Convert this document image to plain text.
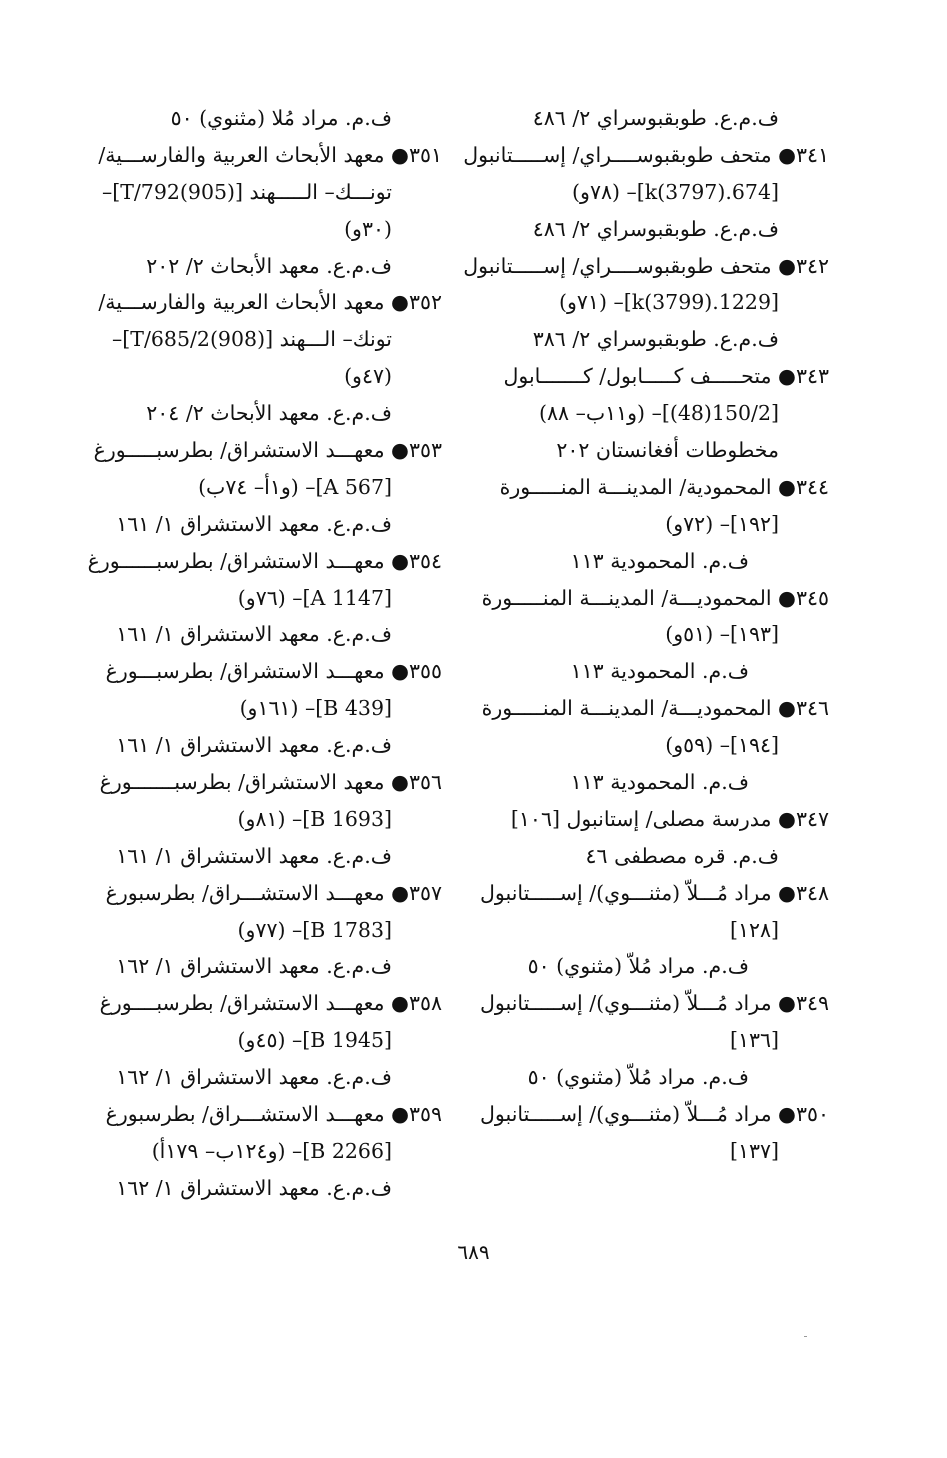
ف.م.ع. طوبقبوسراي ٢/ ٤٨٦
٣٤١● متحف طوبقبوســــراي/ إســـــتانبول
[674.k(3797)]– (٧٨و)
ف.م.ع. طوبقبوسراي ٢/ ٤٨٦
٣٤٢● متحف طوبقبوســــراي/ إســـــتانبول
[1229.k(3799)]– (٧١و)
ف.م.ع. طوبقبوسراي ٢/ ٣٨٦
٣٤٣● متحـــــف كـــــابول/ كـــــــابول
[150/2(48)]– (و١١ب– ٨٨)
مخطوطات أفغانستان ٢٠٢
٣٤٤● المحمودية/ المدينـــة المنـــــورة
[١٩٢]– (٧٢و)
ف.م. المحمودية ١١٣
٣٤٥● المحموديـــة/ المدينـــة المنـــــورة
[١٩٣]– (٥١و)
ف.م. المحمودية ١١٣
٣٤٦● المحموديـــة/ المدينـــة المنـــــورة
[١٩٤]– (٥٩و)
ف.م. المحمودية ١١٣
٣٤٧● مدرسة مصلى/ إستانبول [١٠٦]
ف.م. قره مصطفى ٤٦
٣٤٨● مراد مُـــلاّ (مثنـــوي)/ إســـــتانبول
[١٢٨]
ف.م. مراد مُلاّ (مثنوي) ٥٠
٣٤٩● مراد مُـــلاّ (مثنـــوي)/ إســـــتانبول
[١٣٦]
ف.م. مراد مُلاّ (مثنوي) ٥٠
٣٥٠● مراد مُـــلاّ (مثنـــوي)/ إســـــتانبول
[١٣٧]
ف.م. مراد مُلا (مثنوي) ٥٠
٣٥١● معهد الأبحاث العربية والفارســـية/
تونـــك– الـــــهند [T/792(905)]–
(٣٠و)
ف.م.ع. معهد الأبحاث ٢/ ٢٠٢
٣٥٢● معهد الأبحاث العربية والفارســـية/
تونك– الـــهند [T/685/2(908)]–
(٤٧و)
ف.م.ع. معهد الأبحاث ٢/ ٢٠٤
٣٥٣● معهـــد الاستشراق/ بطرسبـــــورغ
[A 567]– (و١أ– ٧٤ب)
ف.م.ع. معهد الاستشراق ١/ ١٦١
٣٥٤● معهـــد الاستشراق/ بطرسبــــــورغ
[A 1147]– (٧٦و)
ف.م.ع. معهد الاستشراق ١/ ١٦١
٣٥٥● معهـــد الاستشراق/ بطرسبـــورغ
[B 439]– (١٦١و)
ف.م.ع. معهد الاستشراق ١/ ١٦١
٣٥٦● معهد الاستشراق/ بطرسبـــــــورغ
[B 1693]– (٨١و)
ف.م.ع. معهد الاستشراق ١/ ١٦١
٣٥٧● معهـــد الاستشـــراق/ بطرسبورغ
[B 1783]– (٧٧و)
ف.م.ع. معهد الاستشراق ١/ ١٦٢
٣٥٨● معهـــد الاستشراق/ بطرسبــــورغ
[B 1945]– (٤٥و)
ف.م.ع. معهد الاستشراق ١/ ١٦٢
٣٥٩● معهـــد الاستشـــراق/ بطرسبورغ
[B 2266]– (و١٢٤ب– ١٧٩أ)
ف.م.ع. معهد الاستشراق ١/ ١٦٢
٦٨٩
